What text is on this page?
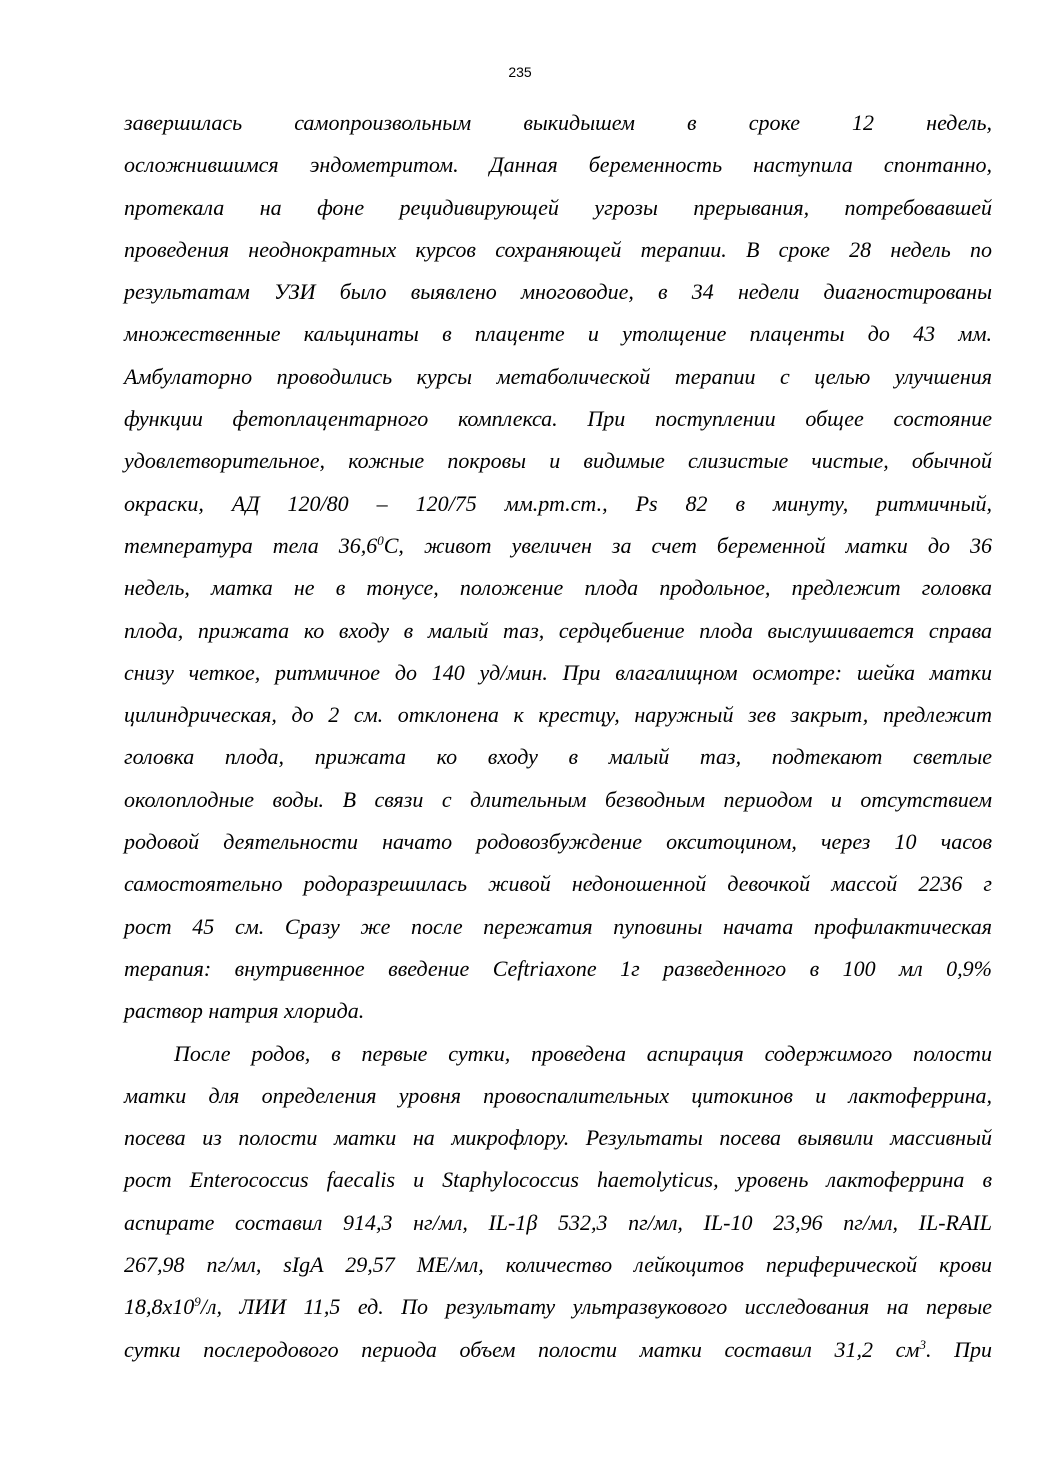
235
завершилась самопроизвольным выкидышем в сроке 12 недель,
осложнившимся эндометритом. Данная беременность наступила спонтанно,
протекала на фоне рецидивирующей угрозы прерывания, потребовавшей
проведения неоднократных курсов сохраняющей терапии. В сроке 28 недель по
результатам УЗИ было выявлено многоводие, в 34 недели диагностированы
множественные кальцинаты в плаценте и утолщение плаценты до 43 мм.
Амбулаторно проводились курсы метаболической терапии с целью улучшения
функции фетоплацентарного комплекса. При поступлении общее состояние
удовлетворительное, кожные покровы и видимые слизистые чистые, обычной
окраски, АД 120/80 – 120/75 мм.рт.ст., Ps 82 в минуту, ритмичный,
температура тела 36,6$^0$С, живот увеличен за счет беременной матки до 36
недель, матка не в тонусе, положение плода продольное, предлежит головка
плода, прижата ко входу в малый таз, сердцебиение плода выслушивается справа
снизу четкое, ритмичное до 140 уд/мин. При влагалищном осмотре: шейка матки
цилиндрическая, до 2 см. отклонена к крестцу, наружный зев закрыт, предлежит
головка плода, прижата ко входу в малый таз, подтекают светлые
околоплодные воды. В связи с длительным безводным периодом и отсутствием
родовой деятельности начато родовозбуждение окситоцином, через 10 часов
самостоятельно родоразрешилась живой недоношенной девочкой массой 2236 г
рост 45 см. Сразу же после пережатия пуповины начата профилактическая
терапия: внутривенное введение Ceftriaxone 1г разведенного в 100 мл 0,9%
раствор натрия хлорида.
После родов, в первые сутки, проведена аспирация содержимого полости
матки для определения уровня провоспалительных цитокинов и лактоферрина,
посева из полости матки на микрофлору. Результаты посева выявили массивный
рост Enterococcus faecalis и Staphylococcus haemolyticus, уровень лактоферрина в
аспирате составил 914,3 нг/мл, IL-1β 532,3 пг/мл, IL-10 23,96 пг/мл, IL-RAIL
267,98 пг/мл, sIgA 29,57 МЕ/мл, количество лейкоцитов периферической крови
$18,8х10^9/л$, ЛИИ 11,5 ед. По результату ультразвукового исследования на первые
сутки послеродового периода объем полости матки составил 31,2 $см^3$. При
